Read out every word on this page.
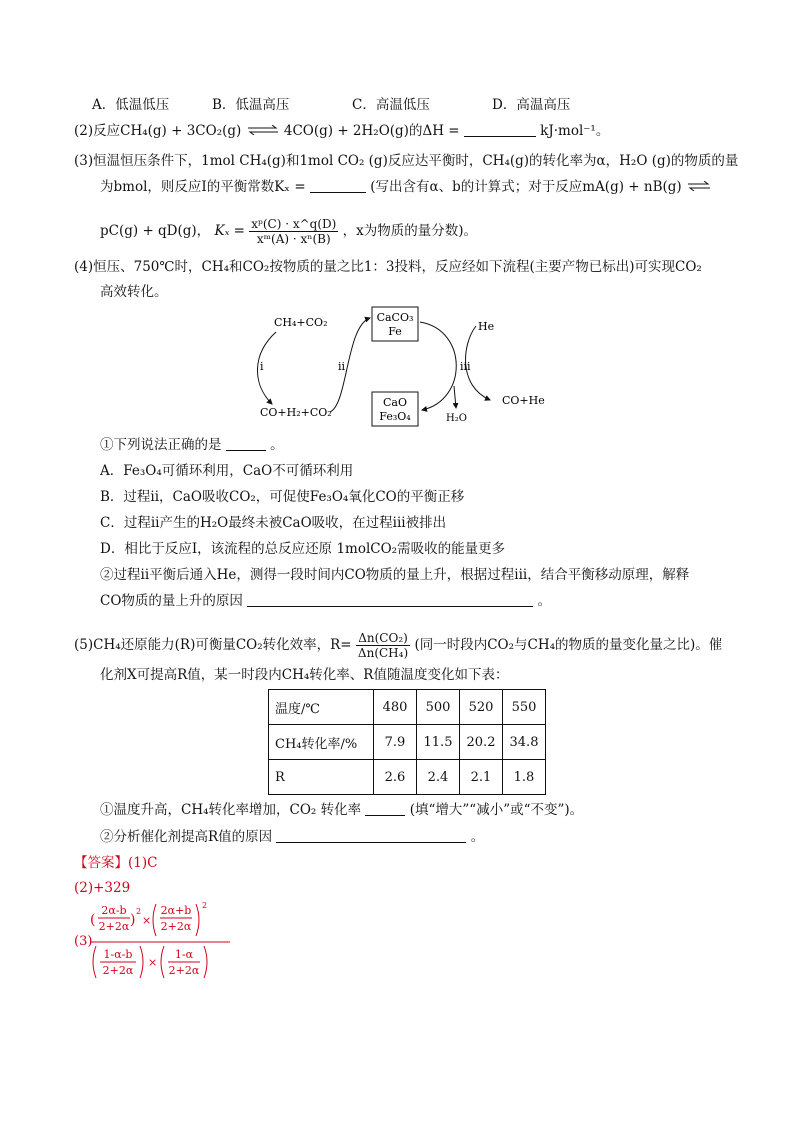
A．低温低压	B．低温高压	C．高温低压	D．高温高压
(2)反应CH₄(g) + 3CO₂(g) ⇌4CO(g) + 2H₂O(g)的ΔH =	kJ·mol⁻¹。
(3)恒温恒压条件下，1mol CH₄(g)和1mol CO₂ (g)反应达平衡时，CH₄(g)的转化率为α，H₂O (g)的物质的量
为bmol，则反应Ⅰ的平衡常数Kₓ =	(写出含有α、b的计算式；对于反应mA(g) + nB(g) ⇌
pC(g) + qD(g)， $K_x = \frac{\text{xᵖ(C) · x\textasciicircum{}q(D)}}{\text{xᵐ(A) · xⁿ(B)}}$ ，x为物质的量分数)。
(4)恒压、750℃时，CH₄和CO₂按物质的量之比1：3投料，反应经如下流程(主要产物已标出)可实现CO₂
高效转化。
CaCO₃
Fe
CaO
Fe₃O₄
CH₄+CO₂
CO+H₂+CO₂
i	ii	iii
He
CO+He
H₂O
①下列说法正确的是	。
A．Fe₃O₄可循环利用，CaO不可循环利用
B．过程ii，CaO吸收CO₂，可促使Fe₃O₄氧化CO的平衡正移
C．过程ii产生的H₂O最终未被CaO吸收，在过程iii被排出
D．相比于反应Ⅰ，该流程的总反应还原 1molCO₂需吸收的能量更多
②过程ii平衡后通入He，测得一段时间内CO物质的量上升，根据过程iii，结合平衡移动原理，解释
CO物质的量上升的原因	。
(5)CH₄还原能力(R)可衡量CO₂转化效率，$R= \frac{\text{Δn(CO₂)}}{\text{Δn(CH₄)}}$ (同一时段内CO₂与CH₄的物质的量变化量之比)。催
化剂X可提高R值，某一时段内CH₄转化率、R值随温度变化如下表：
温度/℃	480	500	520	550
CH₄转化率/%	7.9	11.5	20.2	34.8
R	2.6	2.4	2.1	1.8
①温度升高，CH₄转化率增加，CO₂ 转化率	(填“增大”“减小”或“不变”)。
②分析催化剂提高R值的原因	。
【答案】(1)C
(2)+329
(3)
(
2α-b
2+2α )
2
×
2α+b
2+2α
2
1-α-b
2+2α
×
1-α
2+2α
